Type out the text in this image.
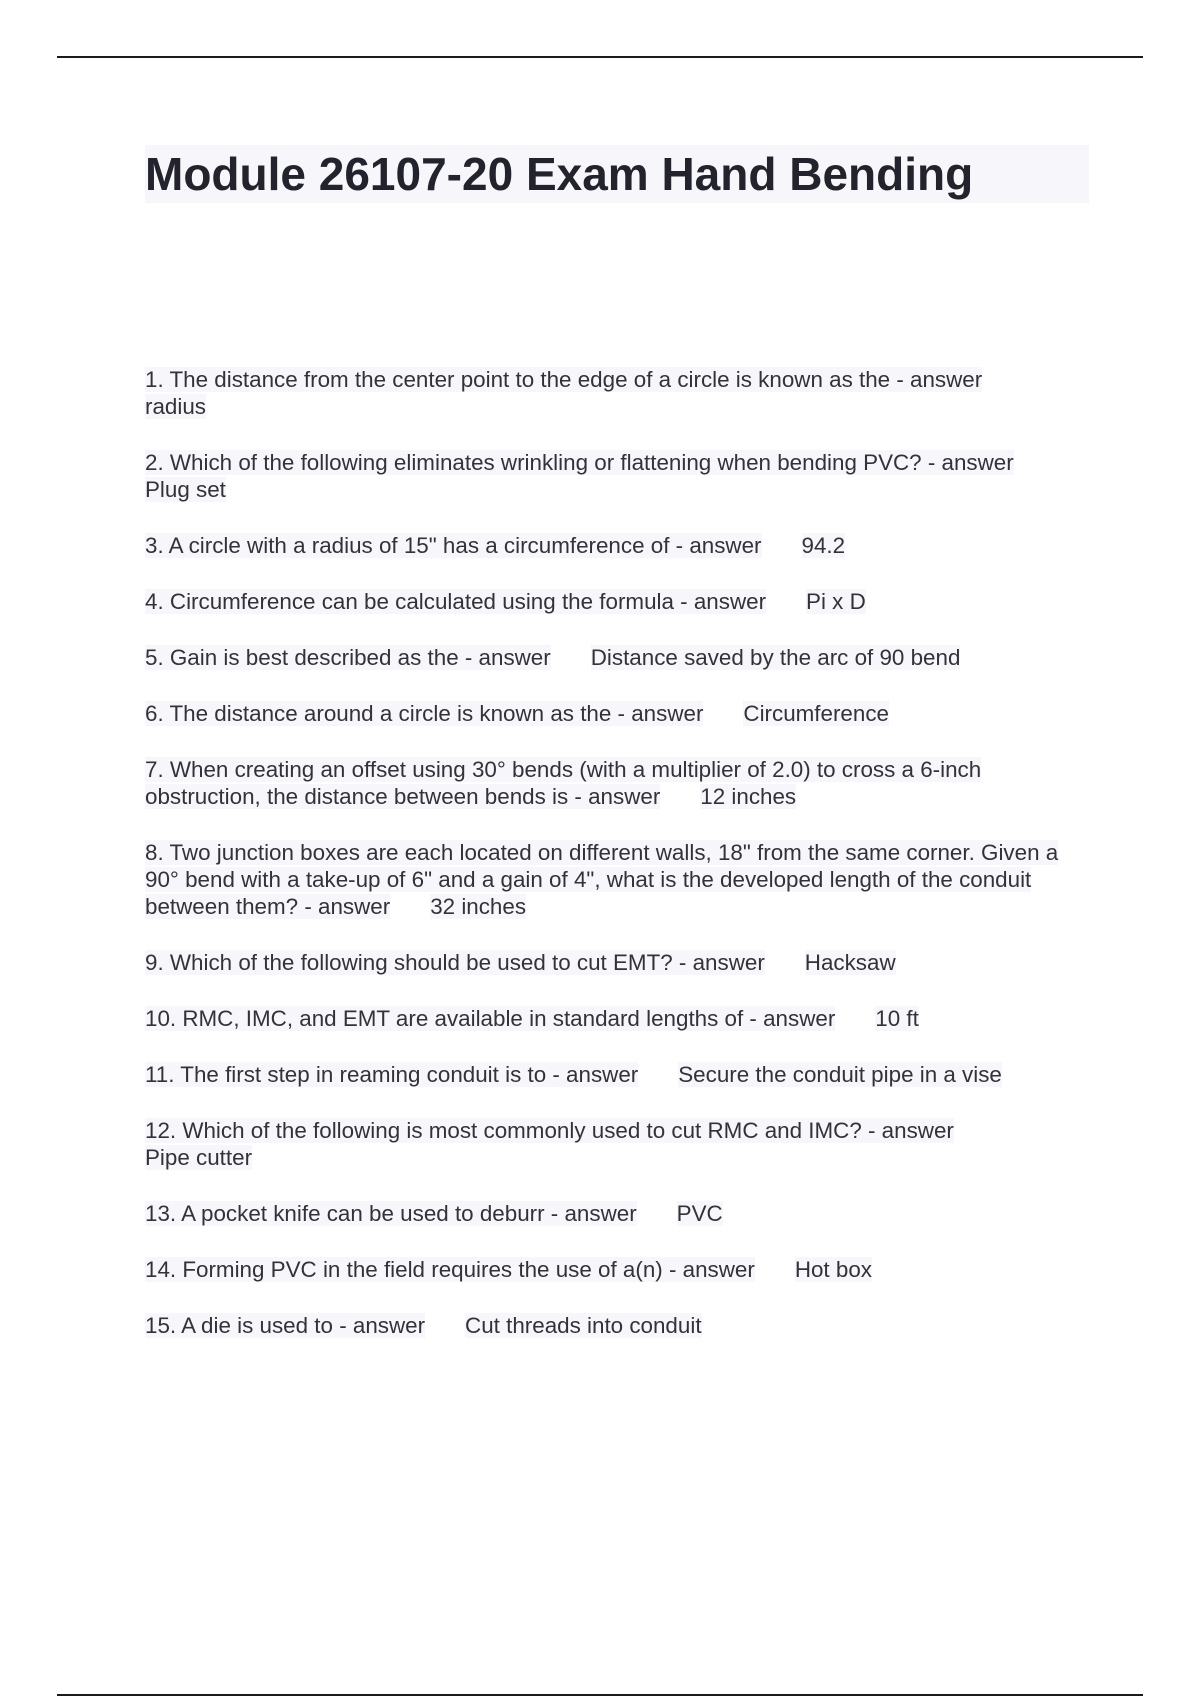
Module 26107-20 Exam Hand Bending
1. The distance from the center point to the edge of a circle is known as the - answer
radius
2. Which of the following eliminates wrinkling or flattening when bending PVC? - answer
Plug set
3. A circle with a radius of 15" has a circumference of - answer 94.2
4. Circumference can be calculated using the formula - answer Pi x D
5. Gain is best described as the - answer Distance saved by the arc of 90 bend
6. The distance around a circle is known as the - answer Circumference
7. When creating an offset using 30° bends (with a multiplier of 2.0) to cross a 6-inch obstruction, the distance between bends is - answer 12 inches
8. Two junction boxes are each located on different walls, 18" from the same corner. Given a 90° bend with a take-up of 6" and a gain of 4", what is the developed length of the conduit between them? - answer 32 inches
9. Which of the following should be used to cut EMT? - answer Hacksaw
10. RMC, IMC, and EMT are available in standard lengths of - answer 10 ft
11. The first step in reaming conduit is to - answer Secure the conduit pipe in a vise
12. Which of the following is most commonly used to cut RMC and IMC? - answer
Pipe cutter
13. A pocket knife can be used to deburr - answer PVC
14. Forming PVC in the field requires the use of a(n) - answer Hot box
15. A die is used to - answer Cut threads into conduit
